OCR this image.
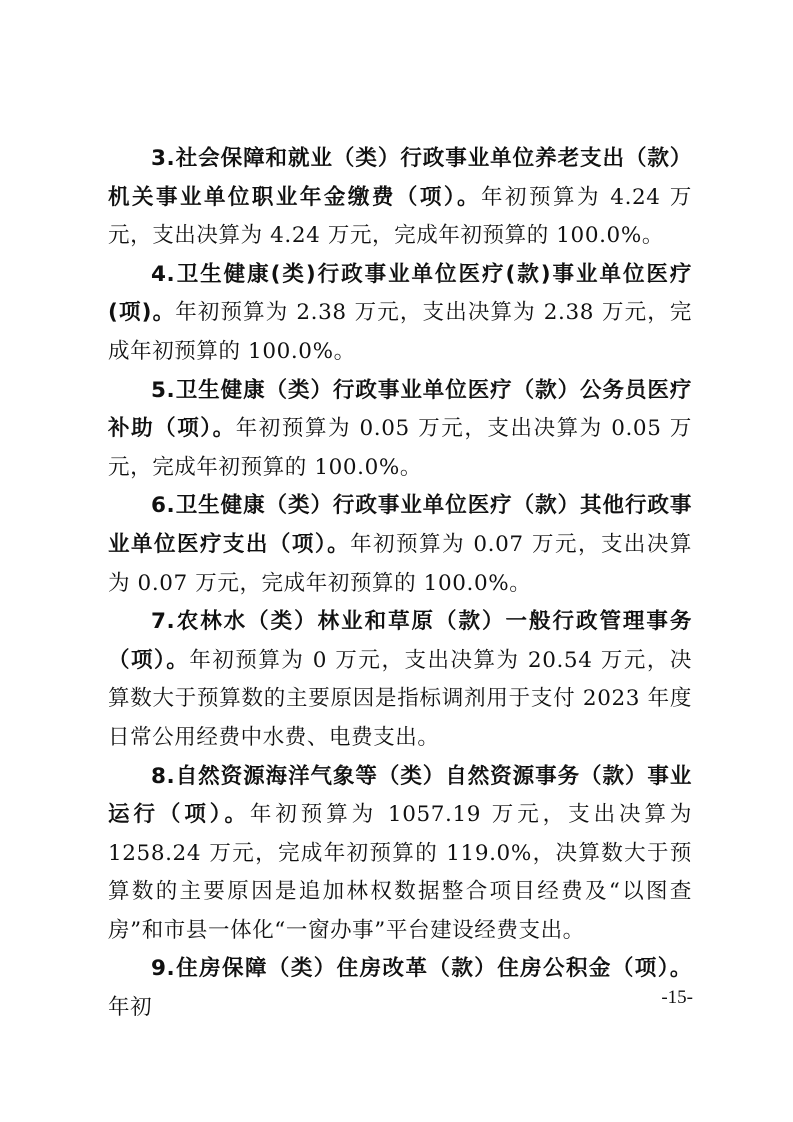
3.社会保障和就业（类）行政事业单位养老支出（款）机关事业单位职业年金缴费（项）。年初预算为 4.24 万元，支出决算为 4.24 万元，完成年初预算的 100.0%。

4.卫生健康(类)行政事业单位医疗(款)事业单位医疗(项)。年初预算为 2.38 万元，支出决算为 2.38 万元，完成年初预算的 100.0%。

5.卫生健康（类）行政事业单位医疗（款）公务员医疗补助（项）。年初预算为 0.05 万元，支出决算为 0.05 万元，完成年初预算的 100.0%。

6.卫生健康（类）行政事业单位医疗（款）其他行政事业单位医疗支出（项）。年初预算为 0.07 万元，支出决算为 0.07 万元，完成年初预算的 100.0%。

7.农林水（类）林业和草原（款）一般行政管理事务（项）。年初预算为 0 万元，支出决算为 20.54 万元，决算数大于预算数的主要原因是指标调剂用于支付 2023 年度日常公用经费中水费、电费支出。

8.自然资源海洋气象等（类）自然资源事务（款）事业运行（项）。年初预算为 1057.19 万元，支出决算为 1258.24 万元，完成年初预算的 119.0%，决算数大于预算数的主要原因是追加林权数据整合项目经费及“以图查房”和市县一体化“一窗办事”平台建设经费支出。

9.住房保障（类）住房改革（款）住房公积金（项）。年初	-15-
